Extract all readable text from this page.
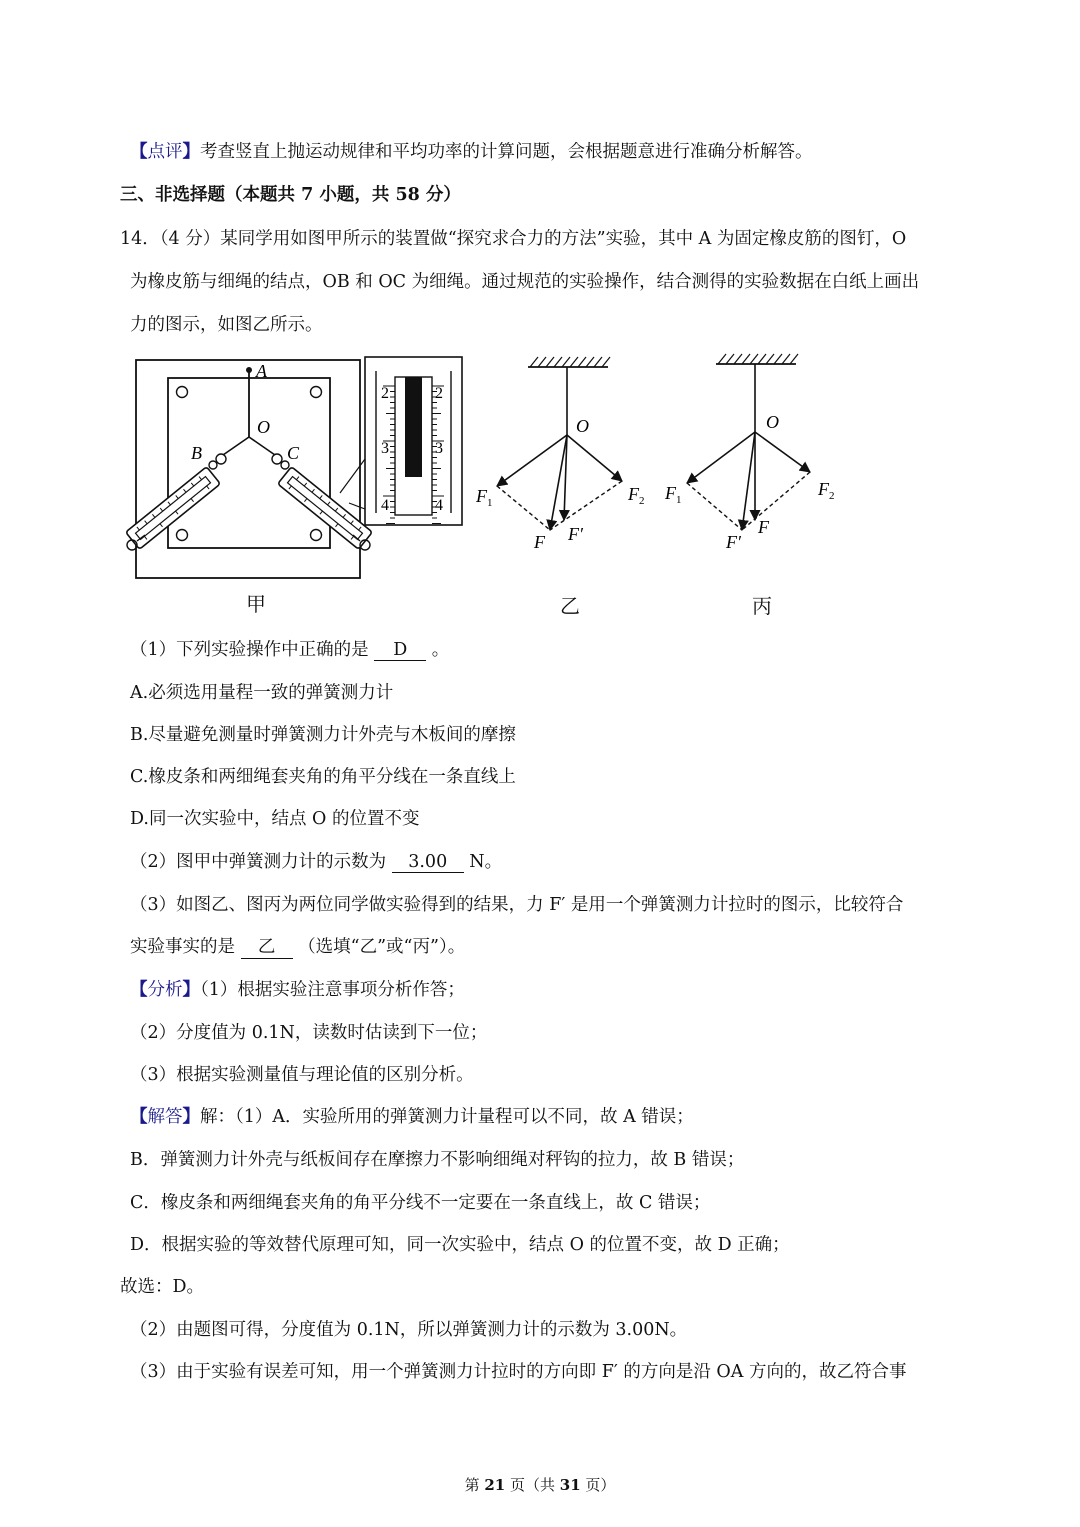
【点评】考查竖直上抛运动规律和平均功率的计算问题，会根据题意进行准确分析解答。
三、非选择题（本题共 7 小题，共 58 分）
14．（4 分）某同学用如图甲所示的装置做“探究求合力的方法”实验，其中 A 为固定橡皮筋的图钉，O
为橡皮筋与细绳的结点，OB 和 OC 为细绳。通过规范的实验操作，结合测得的实验数据在白纸上画出
力的图示，如图乙所示。
A
O
B	C
2
3
4
2
3
4
O
$F_1$	$F_2$
F F′
O
$F_1$
$F_2$
F
F′
甲	乙	丙
（1）下列实验操作中正确的是 D 。
A.必须选用量程一致的弹簧测力计
B.尽量避免测量时弹簧测力计外壳与木板间的摩擦
C.橡皮条和两细绳套夹角的角平分线在一条直线上
D.同一次实验中，结点 O 的位置不变
（2）图甲中弹簧测力计的示数为 3.00 N。
（3）如图乙、图丙为两位同学做实验得到的结果，力 F′ 是用一个弹簧测力计拉时的图示，比较符合
实验事实的是 乙 （选填“乙”或“丙”）。
【分析】（1）根据实验注意事项分析作答；
（2）分度值为 0.1N，读数时估读到下一位；
（3）根据实验测量值与理论值的区别分析。
【解答】解：（1）A．实验所用的弹簧测力计量程可以不同，故 A 错误；
B．弹簧测力计外壳与纸板间存在摩擦力不影响细绳对秤钩的拉力，故 B 错误；
C．橡皮条和两细绳套夹角的角平分线不一定要在一条直线上，故 C 错误；
D．根据实验的等效替代原理可知，同一次实验中，结点 O 的位置不变，故 D 正确；
故选：D。
（2）由题图可得，分度值为 0.1N，所以弹簧测力计的示数为 3.00N。
（3）由于实验有误差可知，用一个弹簧测力计拉时的方向即 F′ 的方向是沿 OA 方向的，故乙符合事
第 21 页（共 31 页）
